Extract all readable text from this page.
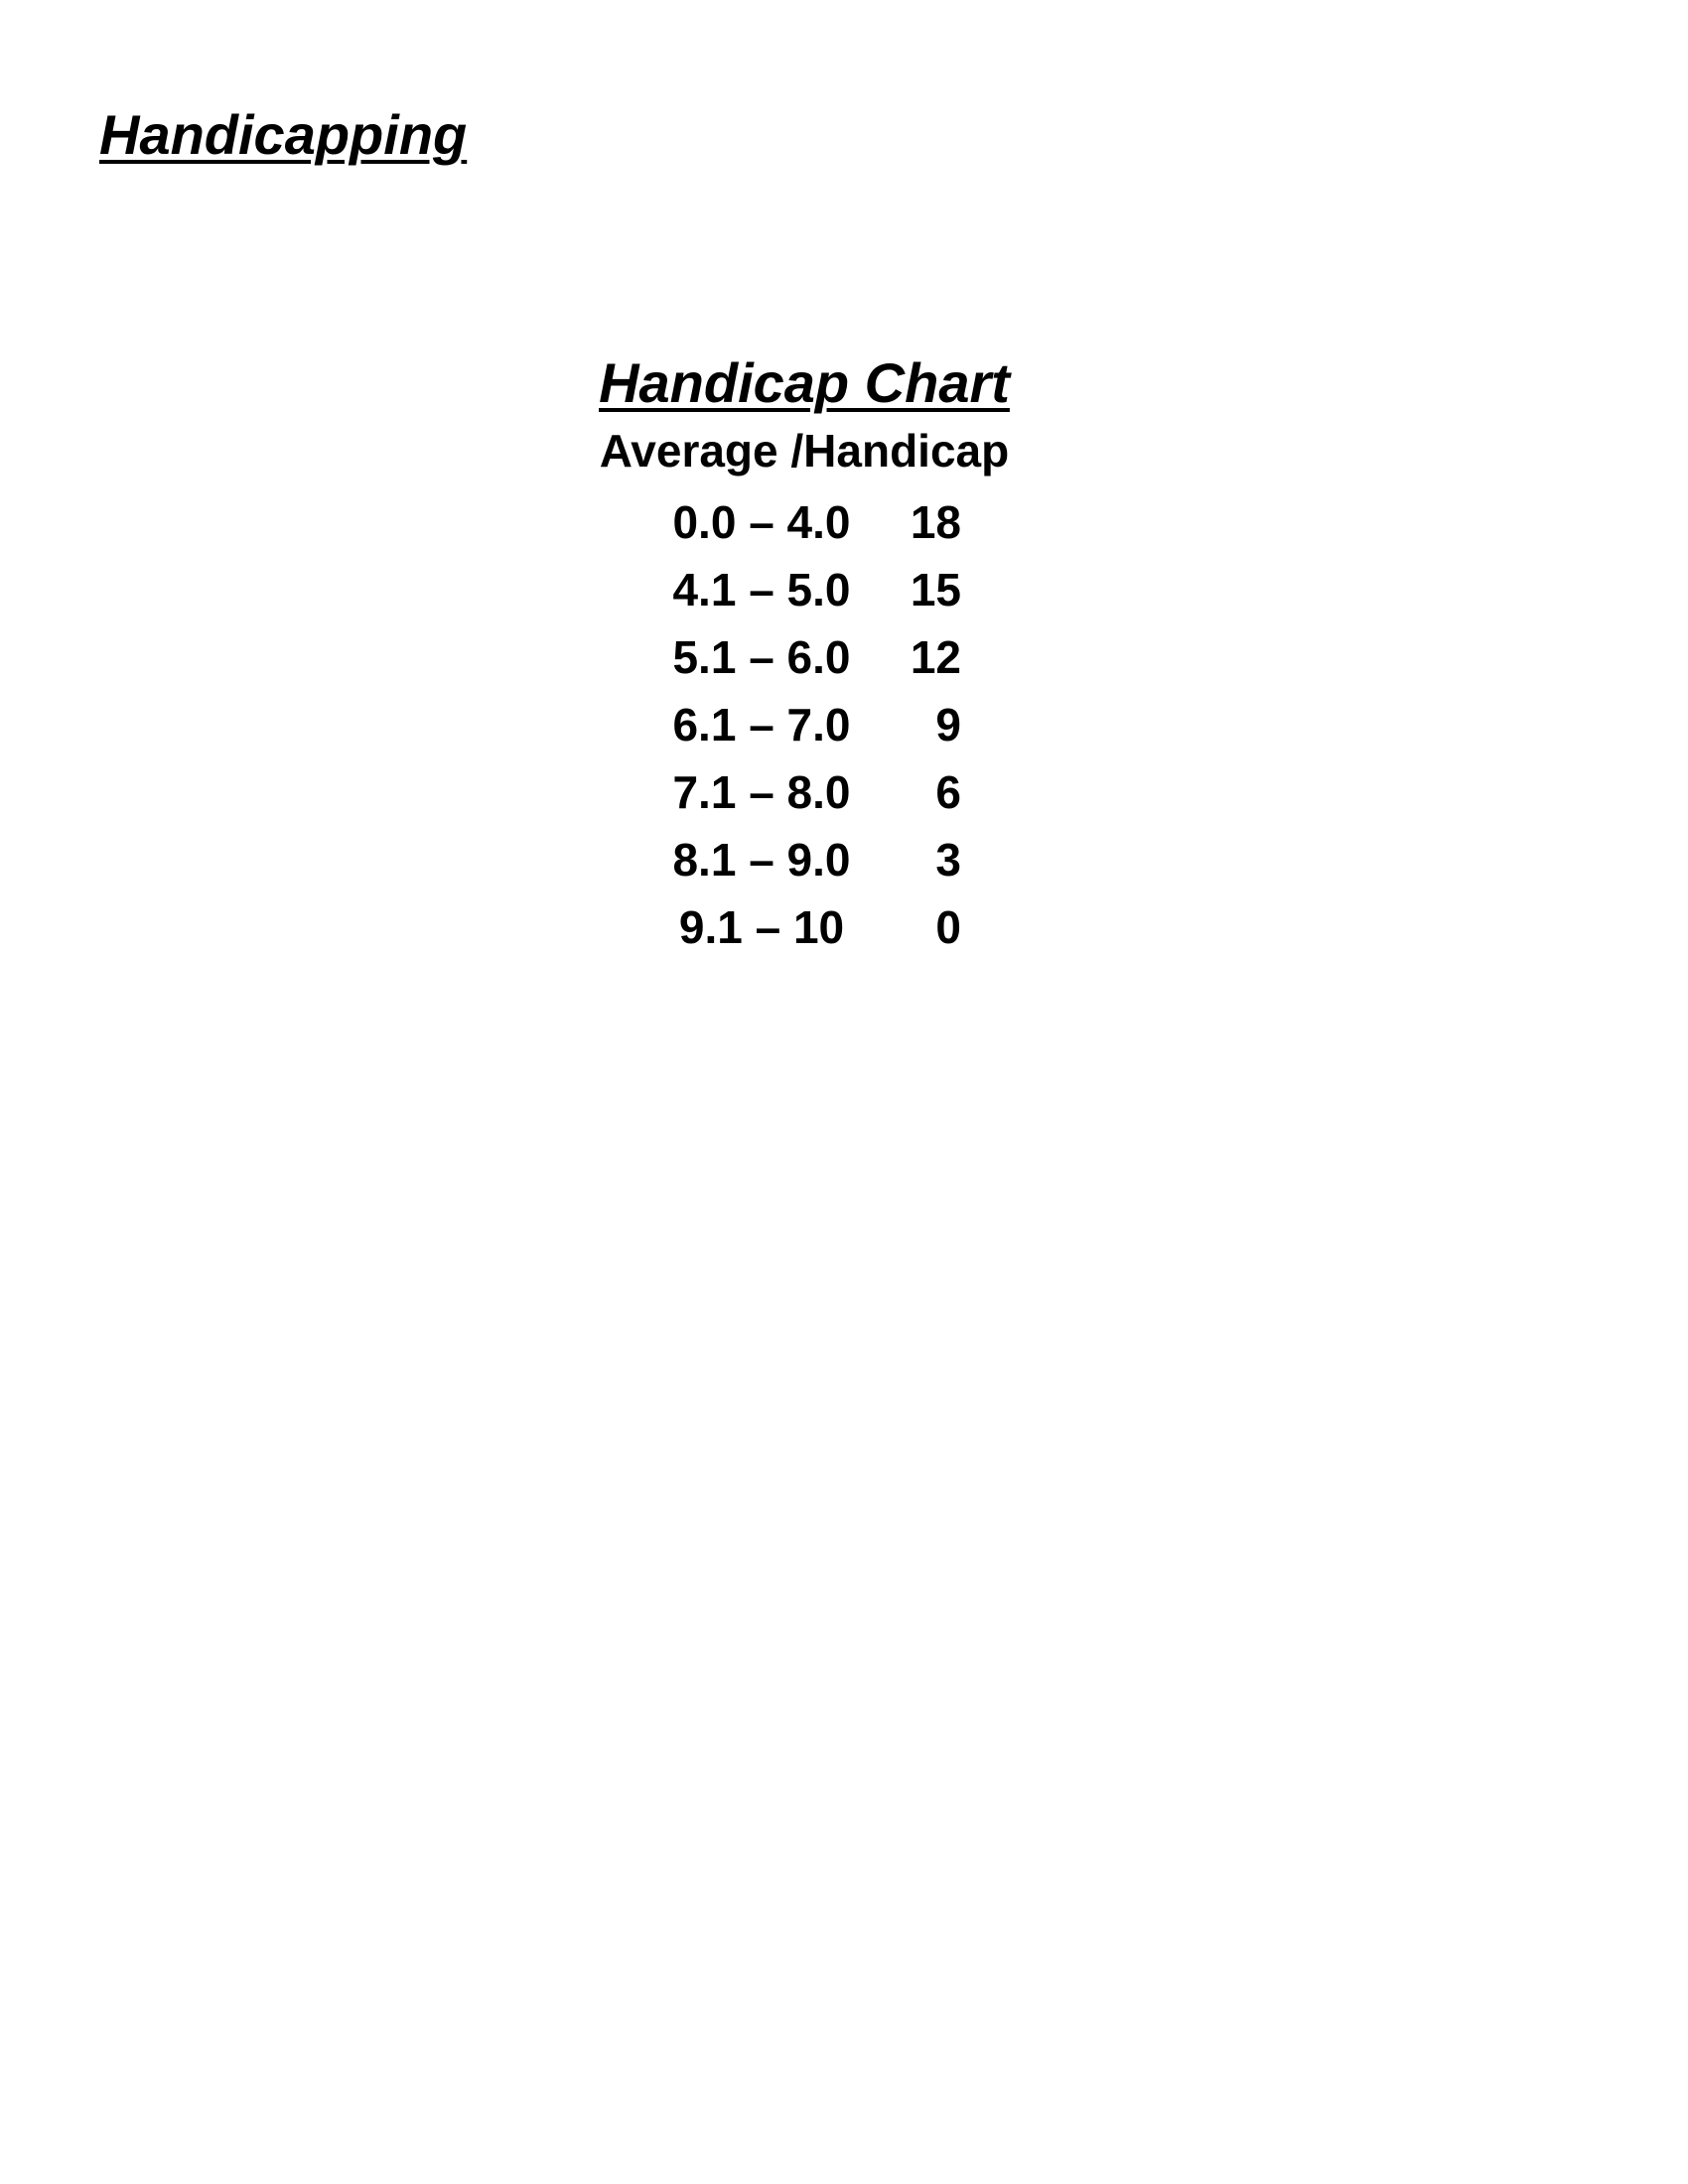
Handicapping
Handicap Chart
Average /Handicap
0.0 – 4.0	18
4.1 – 5.0	15
5.1 – 6.0	12
6.1 – 7.0	9
7.1 – 8.0	6
8.1 – 9.0	3
9.1 – 10	0
